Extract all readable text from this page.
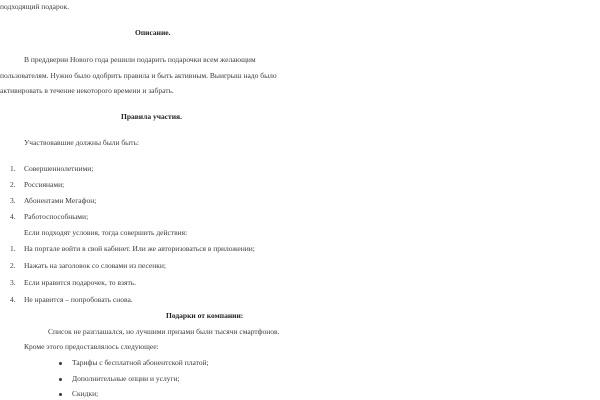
подходящий подарок.
Описание.
В преддверии Нового года решили подарить подарочки всем желающим
пользователям. Нужно было одобрить правила и быть активным. Выигрыш надо было
активировать в течение некоторого времени и забрать.
Правила участия.
Участвовавшие должны были быть:
1. Совершеннолетними;
2. Россиянами;
3. Абонентами Мегафон;
4. Работоспособными;
Если подходят условия, тогда совершить действия:
1. На портале войти в свой кабинет. Или же авторизоваться в приложении;
2. Нажать на заголовок со словами из песенки;
3. Если нравится подарочек, то взять.
4. Не нравится – попробовать снова.
Подарки от компании:
Список не разглашался, но лучшими призами были тысячи смартфонов.
Кроме этого предоставлялось следующее:
Тарифы с бесплатной абонентской платой;
Дополнительные опции и услуги;
Скидки;
